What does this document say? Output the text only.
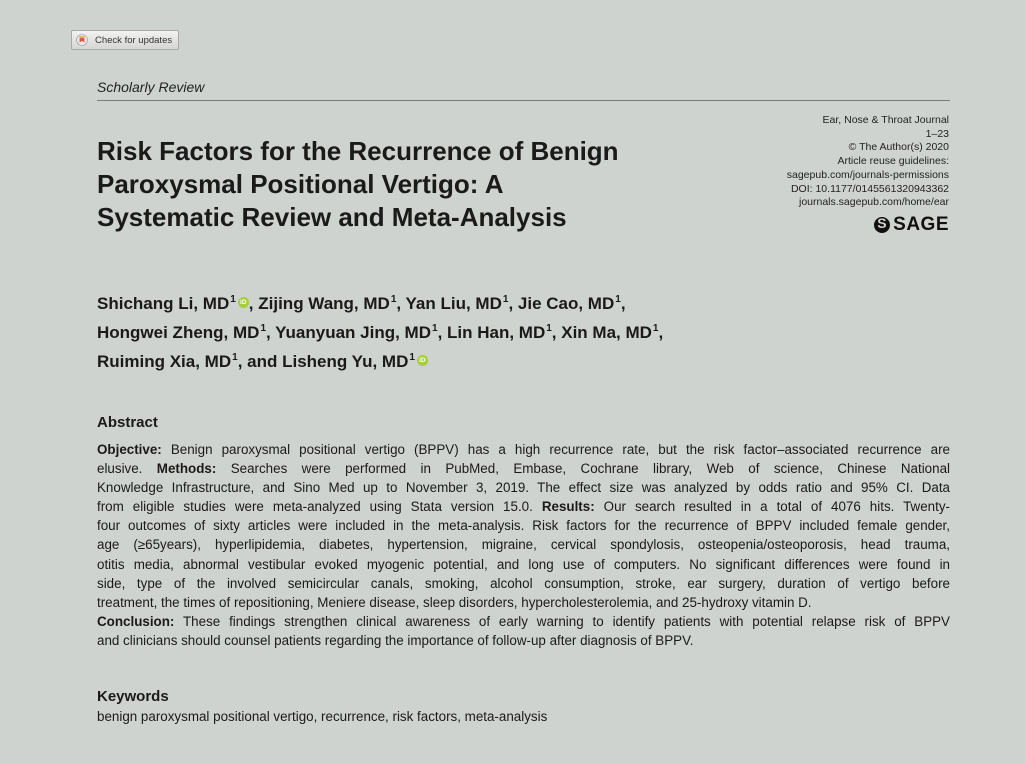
Check for updates
Scholarly Review
Ear, Nose & Throat Journal
1–23
© The Author(s) 2020
Article reuse guidelines:
sagepub.com/journals-permissions
DOI: 10.1177/0145561320943362
journals.sagepub.com/home/ear
S
SAGE
Risk Factors for the Recurrence of Benign
Paroxysmal Positional Vertigo: A
Systematic Review and Meta-Analysis
Shichang Li, $MD^1iD$ , Zijing Wang, $MD^1$, Yan Liu, $MD^1$, Jie Cao, $MD^1$,
Hongwei Zheng, $MD^1$, Yuanyuan Jing, $MD^1$, Lin Han, $MD^1$, Xin Ma, $MD^1$,
Ruiming Xia, $MD^1$, and Lisheng Yu, $MD^1iD$
Abstract
Objective: Benign paroxysmal positional vertigo (BPPV) has a high recurrence rate, but the risk factor–associated recurrence are
elusive. Methods: Searches were performed in PubMed, Embase, Cochrane library, Web of science, Chinese National
Knowledge Infrastructure, and Sino Med up to November 3, 2019. The effect size was analyzed by odds ratio and 95% CI. Data
from eligible studies were meta-analyzed using Stata version 15.0. Results: Our search resulted in a total of 4076 hits. Twenty-
four outcomes of sixty articles were included in the meta-analysis. Risk factors for the recurrence of BPPV included female gender,
age (≥65years), hyperlipidemia, diabetes, hypertension, migraine, cervical spondylosis, osteopenia/osteoporosis, head trauma,
otitis media, abnormal vestibular evoked myogenic potential, and long use of computers. No significant differences were found in
side, type of the involved semicircular canals, smoking, alcohol consumption, stroke, ear surgery, duration of vertigo before
treatment, the times of repositioning, Meniere disease, sleep disorders, hypercholesterolemia, and 25-hydroxy vitamin D.
Conclusion: These findings strengthen clinical awareness of early warning to identify patients with potential relapse risk of BPPV
and clinicians should counsel patients regarding the importance of follow-up after diagnosis of BPPV.
Keywords
benign paroxysmal positional vertigo, recurrence, risk factors, meta-analysis
